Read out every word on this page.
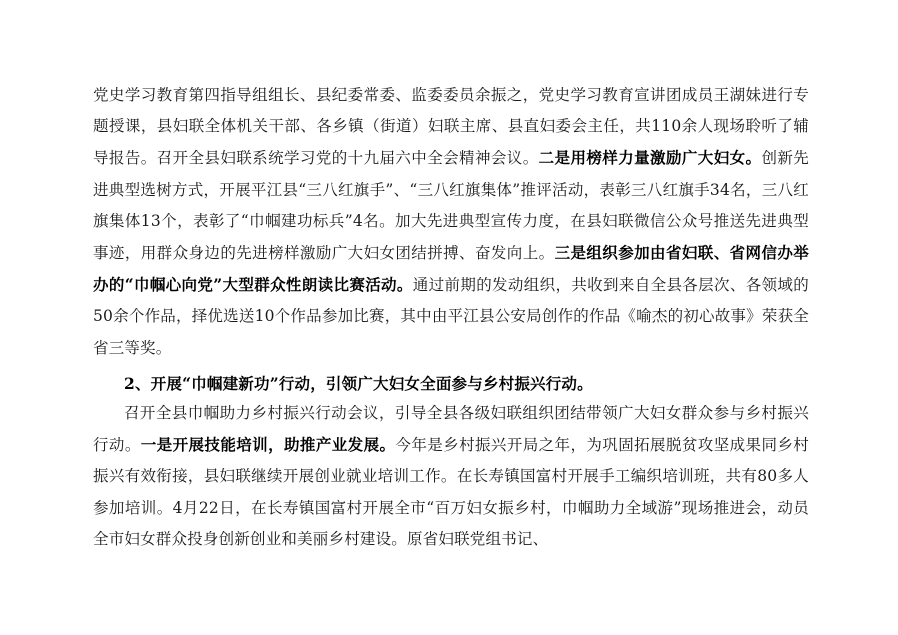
党史学习教育第四指导组组长、县纪委常委、监委委员余振之，党史学习教育宣讲团成员王湖妹进行专题授课，县妇联全体机关干部、各乡镇（街道）妇联主席、县直妇委会主任，共110余人现场聆听了辅导报告。召开全县妇联系统学习党的十九届六中全会精神会议。二是用榜样力量激励广大妇女。创新先进典型选树方式，开展平江县“三八红旗手”、“三八红旗集体”推评活动，表彰三八红旗手34名，三八红旗集体13个，表彰了“巾帼建功标兵”4名。加大先进典型宣传力度，在县妇联微信公众号推送先进典型事迹，用群众身边的先进榜样激励广大妇女团结拼搏、奋发向上。三是组织参加由省妇联、省网信办举办的“巾帼心向党”大型群众性朗读比赛活动。通过前期的发动组织，共收到来自全县各层次、各领域的50余个作品，择优选送10个作品参加比赛，其中由平江县公安局创作的作品《喻杰的初心故事》荣获全省三等奖。

2、开展“巾帼建新功”行动，引领广大妇女全面参与乡村振兴行动。

召开全县巾帼助力乡村振兴行动会议，引导全县各级妇联组织团结带领广大妇女群众参与乡村振兴行动。一是开展技能培训，助推产业发展。今年是乡村振兴开局之年，为巩固拓展脱贫攻坚成果同乡村振兴有效衔接，县妇联继续开展创业就业培训工作。在长寿镇国富村开展手工编织培训班，共有80多人参加培训。4月22日，在长寿镇国富村开展全市“百万妇女振乡村，巾帼助力全域游”现场推进会，动员全市妇女群众投身创新创业和美丽乡村建设。原省妇联党组书记、
